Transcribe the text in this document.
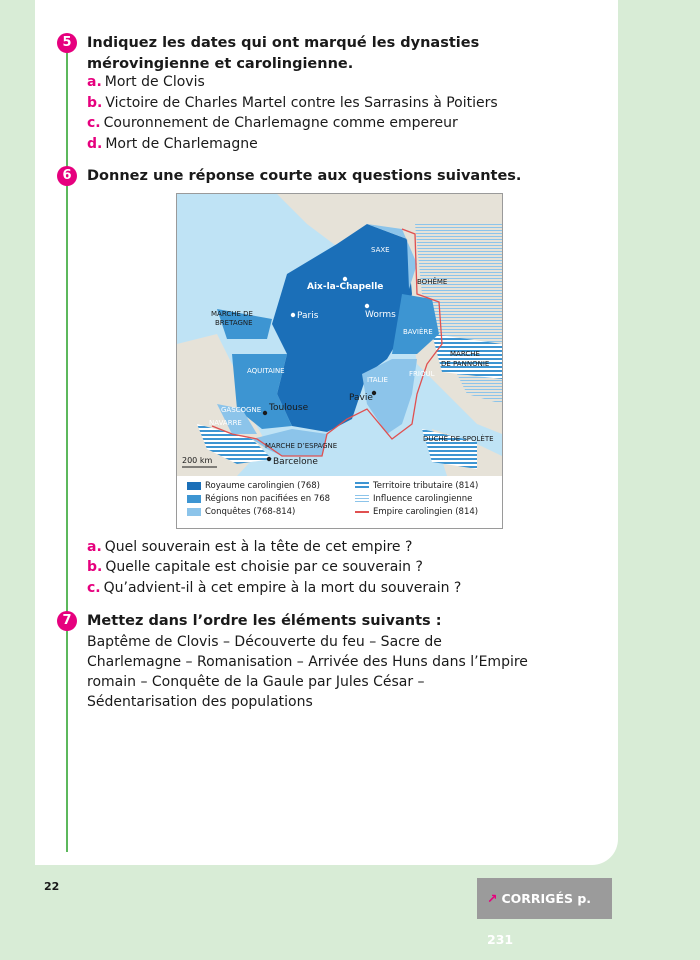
5	Indiquez les dates qui ont marqué les dynasties mérovingienne et carolingienne.
a. Mort de Clovis
b. Victoire de Charles Martel contre les Sarrasins à Poitiers
c. Couronnement de Charlemagne comme empereur
d. Mort de Charlemagne
6	Donnez une réponse courte aux questions suivantes.
SAXE
BOHÊME
Aix-la-Chapelle
Paris	Worms
MARCHE DE
BRETAGNE
BAVIÈRE
MARCHE
DE PANNONIE
AQUITAINE
ITALIE
FRIOUL
Pavie
Toulouse
GASCOGNE
NAVARRE
MARCHE D’ESPAGNE
DUCHÉ DE SPOLÈTE
Barcelone
200 km
Royaume carolingien (768)
Régions non pacifiées en 768
Conquêtes (768-814)
Territoire tributaire (814)
Influence carolingienne
Empire carolingien (814)
a. Quel souverain est à la tête de cet empire ?
b. Quelle capitale est choisie par ce souverain ?
c. Qu’advient-il à cet empire à la mort du souverain ?
7	Mettez dans l’ordre les éléments suivants :
Baptême de Clovis – Découverte du feu – Sacre de Charlemagne – Romanisation – Arrivée des Huns dans l’Empire romain – Conquête de la Gaule par Jules César – Sédentarisation des populations
22
↗ CORRIGÉS p. 231
